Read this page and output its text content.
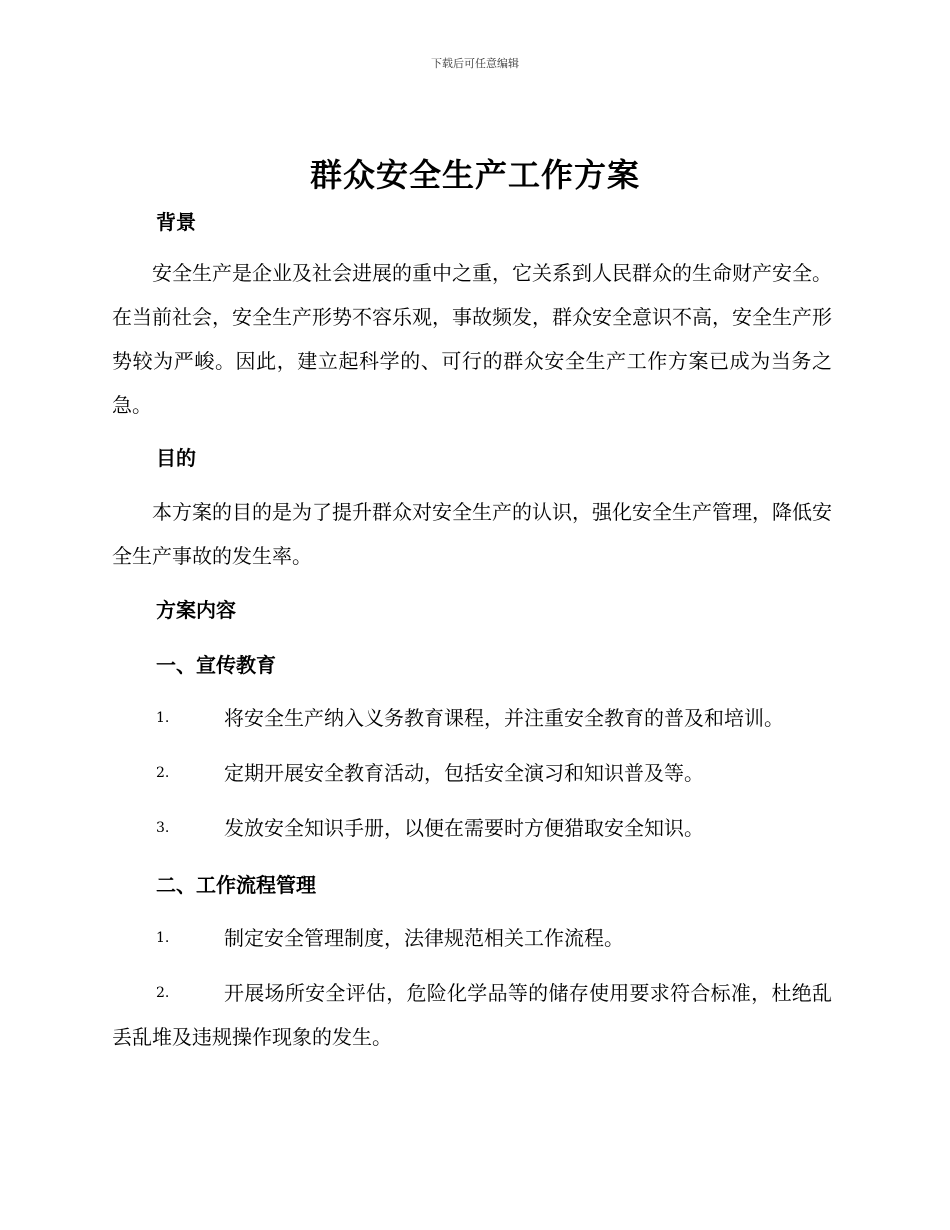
下载后可任意编辑
群众安全生产工作方案
背景
安全生产是企业及社会进展的重中之重，它关系到人民群众的生命财产安全。在当前社会，安全生产形势不容乐观，事故频发，群众安全意识不高，安全生产形势较为严峻。因此，建立起科学的、可行的群众安全生产工作方案已成为当务之急。
目的
本方案的目的是为了提升群众对安全生产的认识，强化安全生产管理，降低安全生产事故的发生率。
方案内容
一、宣传教育
1.	将安全生产纳入义务教育课程，并注重安全教育的普及和培训。
2.	定期开展安全教育活动，包括安全演习和知识普及等。
3.	发放安全知识手册，以便在需要时方便猎取安全知识。
二、工作流程管理
1.	制定安全管理制度，法律规范相关工作流程。
2.	开展场所安全评估，危险化学品等的储存使用要求符合标准，杜绝乱丢乱堆及违规操作现象的发生。
